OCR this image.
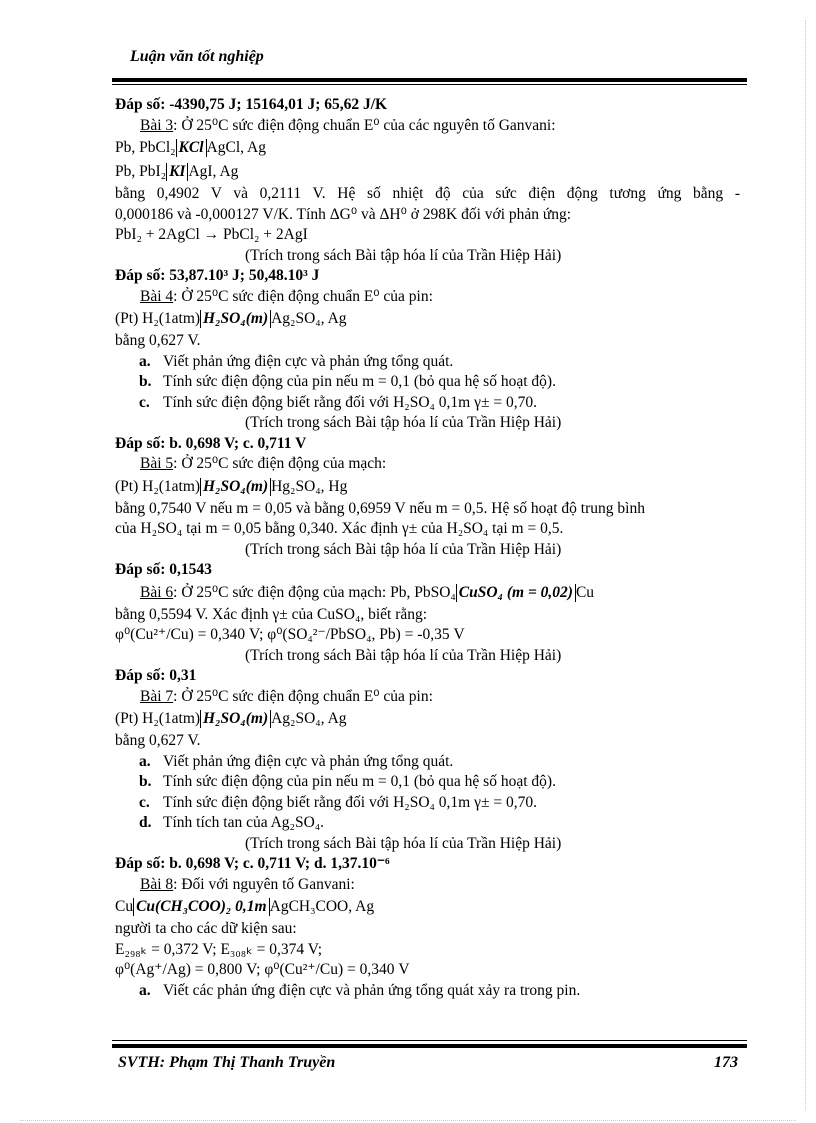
Luận văn tốt nghiệp
Đáp số: -4390,75 J; 15164,01 J; 65,62 J/K
Bài 3: Ở 25⁰C sức điện động chuẩn E⁰ của các nguyên tố Ganvani:
Pb, PbCl₂ KCl AgCl, Ag
Pb, PbI₂ KI AgI, Ag
bằng 0,4902 V và 0,2111 V. Hệ số nhiệt độ của sức điện động tương ứng bằng -
0,000186 và -0,000127 V/K. Tính ΔG⁰ và ΔH⁰ ở 298K đối với phản ứng:
PbI₂ + 2AgCl → PbCl₂ + 2AgI
(Trích trong sách Bài tập hóa lí của Trần Hiệp Hải)
Đáp số: 53,87.10³ J; 50,48.10³ J
Bài 4: Ở 25⁰C sức điện động chuẩn E⁰ của pin:
(Pt) H₂(1atm) H₂SO₄(m) Ag₂SO₄, Ag
bằng 0,627 V.
a. Viết phản ứng điện cực và phản ứng tổng quát.
b. Tính sức điện động của pin nếu m = 0,1 (bỏ qua hệ số hoạt độ).
c. Tính sức điện động biết rằng đối với H₂SO₄ 0,1m γ± = 0,70.
(Trích trong sách Bài tập hóa lí của Trần Hiệp Hải)
Đáp số: b. 0,698 V; c. 0,711 V
Bài 5: Ở 25⁰C sức điện động của mạch:
(Pt) H₂(1atm) H₂SO₄(m) Hg₂SO₄, Hg
bằng 0,7540 V nếu m = 0,05 và bằng 0,6959 V nếu m = 0,5. Hệ số hoạt độ trung bình
của H₂SO₄ tại m = 0,05 bằng 0,340. Xác định γ± của H₂SO₄ tại m = 0,5.
(Trích trong sách Bài tập hóa lí của Trần Hiệp Hải)
Đáp số: 0,1543
Bài 6: Ở 25⁰C sức điện động của mạch: Pb, PbSO₄ CuSO₄ (m = 0,02) Cu
bằng 0,5594 V. Xác định γ± của CuSO₄, biết rằng:
φ⁰(Cu²⁺/Cu) = 0,340 V; φ⁰(SO₄²⁻/PbSO₄, Pb) = -0,35 V
(Trích trong sách Bài tập hóa lí của Trần Hiệp Hải)
Đáp số: 0,31
Bài 7: Ở 25⁰C sức điện động chuẩn E⁰ của pin:
(Pt) H₂(1atm) H₂SO₄(m) Ag₂SO₄, Ag
bằng 0,627 V.
a. Viết phản ứng điện cực và phản ứng tổng quát.
b. Tính sức điện động của pin nếu m = 0,1 (bỏ qua hệ số hoạt độ).
c. Tính sức điện động biết rằng đối với H₂SO₄ 0,1m γ± = 0,70.
d. Tính tích tan của Ag₂SO₄.
(Trích trong sách Bài tập hóa lí của Trần Hiệp Hải)
Đáp số: b. 0,698 V; c. 0,711 V; d. 1,37.10⁻⁶
Bài 8: Đối với nguyên tố Ganvani:
Cu Cu(CH₃COO)₂ 0,1m AgCH₃COO, Ag
người ta cho các dữ kiện sau:
E₂₉₈ₖ = 0,372 V; E₃₀₈ₖ = 0,374 V;
φ⁰(Ag⁺/Ag) = 0,800 V; φ⁰(Cu²⁺/Cu) = 0,340 V
a. Viết các phản ứng điện cực và phản ứng tổng quát xảy ra trong pin.
SVTH: Phạm Thị Thanh Truyền	173
